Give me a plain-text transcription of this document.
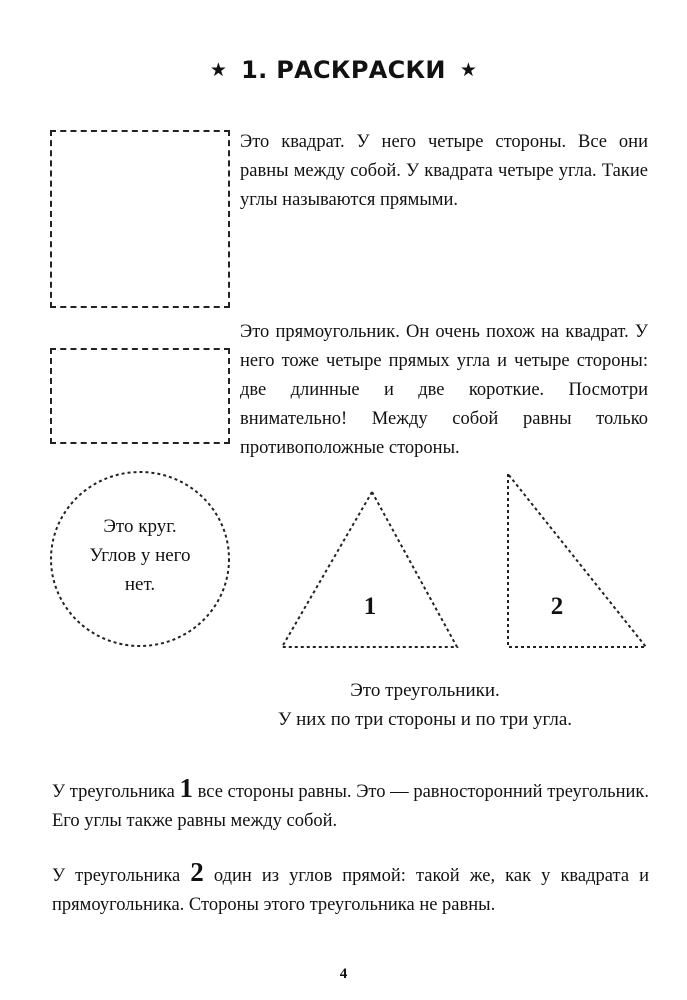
★ 1. РАСКРАСКИ ★
Это квадрат. У него четыре стороны. Все они равны между собой. У квадрата четыре угла. Такие углы называются прямыми.
Это прямоугольник. Он очень похож на квадрат. У него тоже четыре прямых угла и четыре стороны: две длинные и две короткие. Посмотри внимательно! Между собой равны только противоположные стороны.
1	2
Это круг.
Углов у него
нет.
Это треугольники.
У них по три стороны и по три угла.
У треугольника 1 все стороны равны. Это — равносторонний треугольник. Его углы также равны между собой.
У треугольника 2 один из углов прямой: такой же, как у квадрата и прямоугольника. Стороны этого треугольника не равны.
4
